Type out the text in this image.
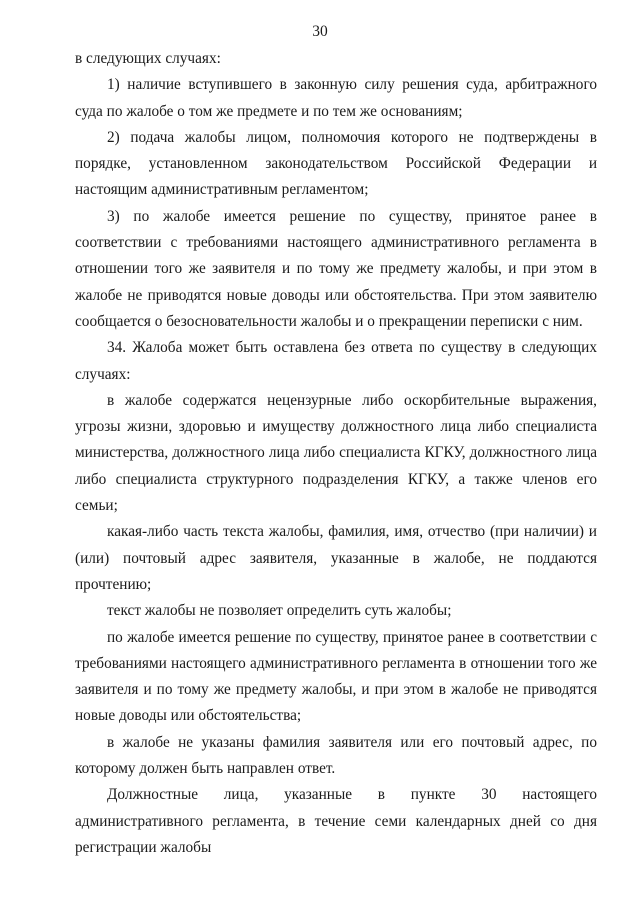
30

в следующих случаях:

1) наличие вступившего в законную силу решения суда, арбитражного суда по жалобе о том же предмете и по тем же основаниям;

2) подача жалобы лицом, полномочия которого не подтверждены в порядке, установленном законодательством Российской Федерации и настоящим административным регламентом;

3) по жалобе имеется решение по существу, принятое ранее в соответствии с требованиями настоящего административного регламента в отношении того же заявителя и по тому же предмету жалобы, и при этом в жалобе не приводятся новые доводы или обстоятельства. При этом заявителю сообщается о безосновательности жалобы и о прекращении переписки с ним.

34. Жалоба может быть оставлена без ответа по существу в следующих случаях:

в жалобе содержатся нецензурные либо оскорбительные выражения, угрозы жизни, здоровью и имуществу должностного лица либо специалиста министерства, должностного лица либо специалиста КГКУ, должностного лица либо специалиста структурного подразделения КГКУ, а также членов его семьи;

какая-либо часть текста жалобы, фамилия, имя, отчество (при наличии) и (или) почтовый адрес заявителя, указанные в жалобе, не поддаются прочтению;

текст жалобы не позволяет определить суть жалобы;

по жалобе имеется решение по существу, принятое ранее в соответствии с требованиями настоящего административного регламента в отношении того же заявителя и по тому же предмету жалобы, и при этом в жалобе не приводятся новые доводы или обстоятельства;

в жалобе не указаны фамилия заявителя или его почтовый адрес, по которому должен быть направлен ответ.

Должностные лица, указанные в пункте 30 настоящего административного регламента, в течение семи календарных дней со дня регистрации жалобы
